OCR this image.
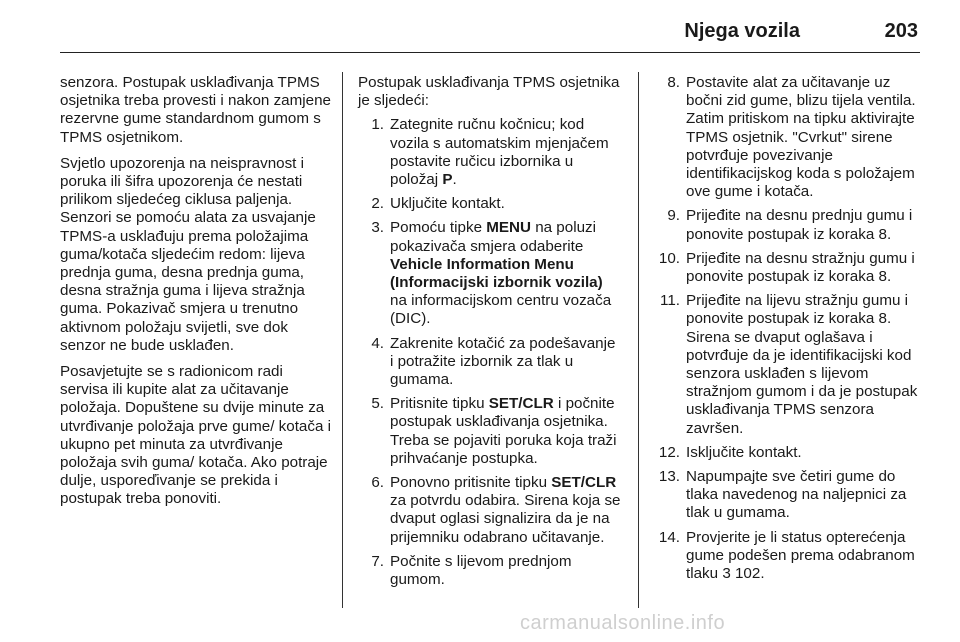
Njega vozila	203

senzora. Postupak usklađivanja TPMS osjetnika treba provesti i nakon zamjene rezervne gume standardnom gumom s TPMS osjetnikom.

Svjetlo upozorenja na neispravnost i poruka ili šifra upozorenja će nestati prilikom sljedećeg ciklusa paljenja. Senzori se pomoću alata za usvajanje TPMS-a usklađuju prema položajima guma/kotača sljedećim redom: lijeva prednja guma, desna prednja guma, desna stražnja guma i lijeva stražnja guma. Pokazivač smjera u trenutno aktivnom položaju svijetli, sve dok senzor ne bude usklađen.

Posavjetujte se s radionicom radi servisa ili kupite alat za učitavanje položaja. Dopuštene su dvije minute za utvrđivanje položaja prve gume/ kotača i ukupno pet minuta za utvrđivanje položaja svih guma/ kotača. Ako potraje dulje, usporeďivanje se prekida i postupak treba ponoviti.

Postupak usklađivanja TPMS osjetnika je sljedeći:

1. Zategnite ručnu kočnicu; kod vozila s automatskim mjenjačem postavite ručicu izbornika u položaj P.
2. Uključite kontakt.
3. Pomoću tipke MENU na poluzi pokazivača smjera odaberite Vehicle Information Menu (Informacijski izbornik vozila) na informacijskom centru vozača (DIC).
4. Zakrenite kotačić za podešavanje i potražite izbornik za tlak u gumama.
5. Pritisnite tipku SET/CLR i počnite postupak usklađivanja osjetnika. Treba se pojaviti poruka koja traži prihvaćanje postupka.
6. Ponovno pritisnite tipku SET/CLR za potvrdu odabira. Sirena koja se dvaput oglasi signalizira da je na prijemniku odabrano učitavanje.
7. Počnite s lijevom prednjom gumom.
8. Postavite alat za učitavanje uz bočni zid gume, blizu tijela ventila. Zatim pritiskom na tipku aktivirajte TPMS osjetnik. "Cvrkut" sirene potvrđuje povezivanje identifikacijskog koda s položajem ove gume i kotača.
9. Prijeđite na desnu prednju gumu i ponovite postupak iz koraka 8.
10. Prijeđite na desnu stražnju gumu i ponovite postupak iz koraka 8.
11. Prijeđite na lijevu stražnju gumu i ponovite postupak iz koraka 8. Sirena se dvaput oglašava i potvrđuje da je identifikacijski kod senzora usklađen s lijevom stražnjom gumom i da je postupak usklađivanja TPMS senzora završen.
12. Isključite kontakt.
13. Napumpajte sve četiri gume do tlaka navedenog na naljepnici za tlak u gumama.
14. Provjerite je li status opterećenja gume podešen prema odabranom tlaku 3 102.
carmanualsonline.info
